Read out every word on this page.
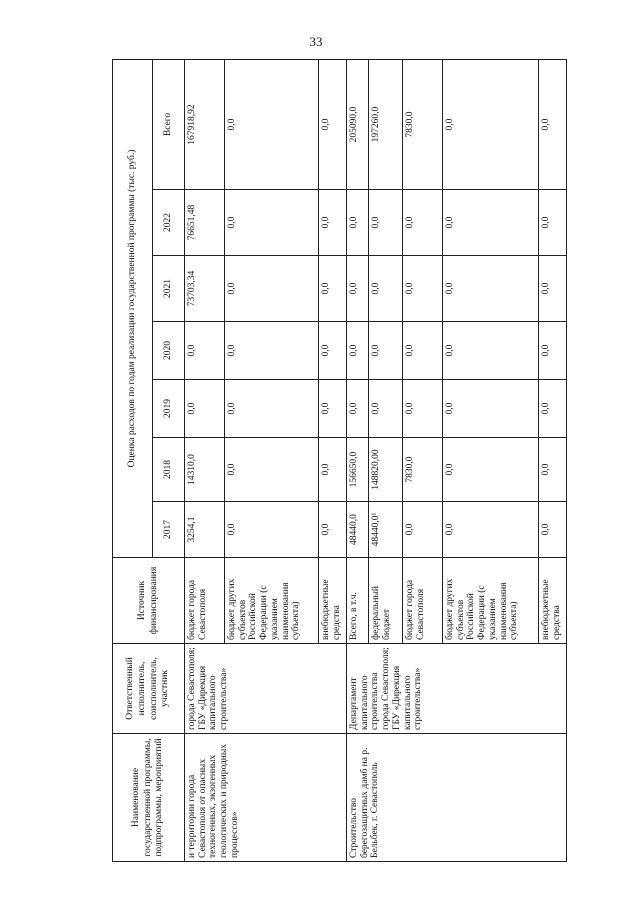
33
Наименование государственной программы, подпрограммы, мероприятий	Ответственный исполнитель, соисполнитель, участник	Источник финансирования	Оценка расходов по годам реализации государственной программы (тыс. руб.)						
			2017	2018	2019	2020	2021	2022	Всего
и территории города Севастополя от опасных техногенных, экзогенных геологических и природных процессов»	города Севастополя; ГБУ «Дирекция капитального строительства»	бюджет города Севастополя	3254,1	14310,0	0,0	0,0	73703,34	76651,48	167918,92
		бюджет других субъектов Российской Федерации (с указанием наименования субъекта)	0,0	0,0	0,0	0,0	0,0	0,0	0,0
		внебюджетные средства	0,0	0,0	0,0	0,0	0,0	0,0	0,0
Строительство берегозащитных дамб на р. Бельбек, г. Севастополь	Департамент капитального строительства города Севастополя; ГБУ «Дирекция капитального строительства»	Всего, в т.ч.	48440,0	156650,0	0,0	0,0	0,0	0,0	205090,0
		федеральный бюджет	48440,0¹	148820,00	0,0	0,0	0,0	0,0	197260,0
		бюджет города Севастополя	0,0	7830,0	0,0	0,0	0,0	0,0	7830,0
		бюджет других субъектов Российской Федерации (с указанием наименования субъекта)	0,0	0,0	0,0	0,0	0,0	0,0	0,0
		внебюджетные средства	0,0	0,0	0,0	0,0	0,0	0,0	0,0
